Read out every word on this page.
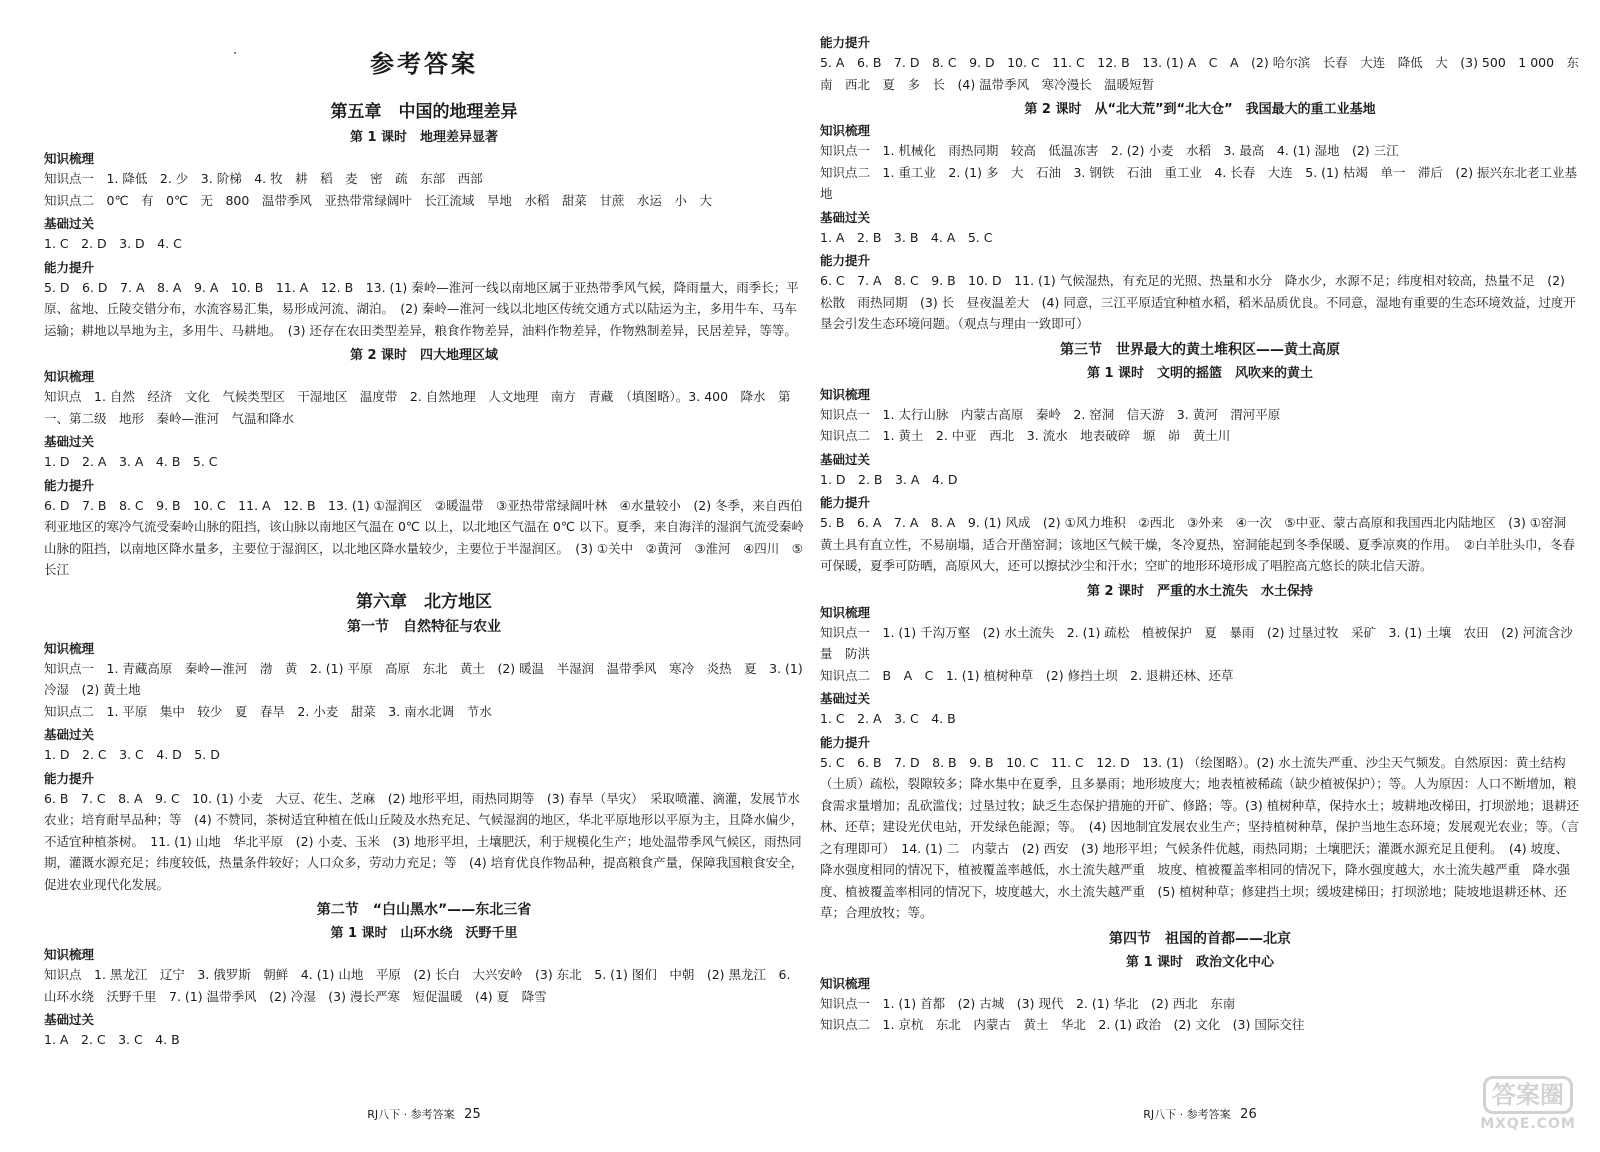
参考答案
第五章　中国的地理差异
第 1 课时　地理差异显著
知识梳理

知识点一　1. 降低　2. 少　3. 阶梯　4. 牧　耕　稻　麦　密　疏　东部　西部

知识点二　0℃　有　0℃　无　800　温带季风　亚热带常绿阔叶　长江流域　旱地　水稻　甜菜　甘蔗　水运　小　大

基础过关

1. C　2. D　3. D　4. C

能力提升

5. D　6. D　7. A　8. A　9. A　10. B　11. A　12. B　13. (1) 秦岭—淮河一线以南地区属于亚热带季风气候，降雨量大，雨季长；平原、盆地、丘陵交错分布，水流容易汇集，易形成河流、湖泊。　(2) 秦岭—淮河一线以北地区传统交通方式以陆运为主，多用牛车、马车运输；耕地以旱地为主，多用牛、马耕地。　(3) 还存在农田类型差异，粮食作物差异，油料作物差异，作物熟制差异，民居差异，等等。

第 2 课时　四大地理区域
知识梳理

知识点　1. 自然　经济　文化　气候类型区　干湿地区　温度带　2. 自然地理　人文地理　南方　青藏　（填图略）。3. 400　降水　第一、第二级　地形　秦岭—淮河　气温和降水

基础过关

1. D　2. A　3. A　4. B　5. C

能力提升

6. D　7. B　8. C　9. B　10. C　11. A　12. B　13. (1) ①湿润区　②暖温带　③亚热带常绿阔叶林　④水量较小　(2) 冬季，来自西伯利亚地区的寒冷气流受秦岭山脉的阻挡，该山脉以南地区气温在 0℃ 以上，以北地区气温在 0℃ 以下。夏季，来自海洋的湿润气流受秦岭山脉的阻挡，以南地区降水量多，主要位于湿润区，以北地区降水量较少，主要位于半湿润区。　(3) ①关中　②黄河　③淮河　④四川　⑤长江

第六章　北方地区
第一节　自然特征与农业
知识梳理

知识点一　1. 青藏高原　秦岭—淮河　渤　黄　2. (1) 平原　高原　东北　黄土　(2) 暖温　半湿润　温带季风　寒冷　炎热　夏　3. (1) 冷湿　(2) 黄土地

知识点二　1. 平原　集中　较少　夏　春旱　2. 小麦　甜菜　3. 南水北调　节水

基础过关

1. D　2. C　3. C　4. D　5. D

能力提升

6. B　7. C　8. A　9. C　10. (1) 小麦　大豆、花生、芝麻　(2) 地形平坦，雨热同期等　(3) 春旱（旱灾）　采取喷灌、滴灌，发展节水农业；培育耐旱品种；等　(4) 不赞同，茶树适宜种植在低山丘陵及水热充足、气候湿润的地区，华北平原地形以平原为主，且降水偏少，不适宜种植茶树。　11. (1) 山地　华北平原　(2) 小麦、玉米　(3) 地形平坦，土壤肥沃，利于规模化生产；地处温带季风气候区，雨热同期，灌溉水源充足；纬度较低，热量条件较好；人口众多，劳动力充足；等　(4) 培育优良作物品种，提高粮食产量，保障我国粮食安全，促进农业现代化发展。

第二节　“白山黑水”——东北三省
第 1 课时　山环水绕　沃野千里
知识梳理

知识点　1. 黑龙江　辽宁　3. 俄罗斯　朝鲜　4. (1) 山地　平原　(2) 长白　大兴安岭　(3) 东北　5. (1) 图们　中朝　(2) 黑龙江　6. 山环水绕　沃野千里　7. (1) 温带季风　(2) 冷湿　(3) 漫长严寒　短促温暖　(4) 夏　降雪

基础过关

1. A　2. C　3. C　4. B

RJ八下 · 参考答案 25
能力提升

5. A　6. B　7. D　8. C　9. D　10. C　11. C　12. B　13. (1) A　C　A　(2) 哈尔滨　长春　大连　降低　大　(3) 500　1 000　东南　西北　夏　多　长　(4) 温带季风　寒冷漫长　温暖短暂

第 2 课时　从“北大荒”到“北大仓”　我国最大的重工业基地
知识梳理

知识点一　1. 机械化　雨热同期　较高　低温冻害　2. (2) 小麦　水稻　3. 最高　4. (1) 湿地　(2) 三江

知识点二　1. 重工业　2. (1) 多　大　石油　3. 钢铁　石油　重工业　4. 长春　大连　5. (1) 枯竭　单一　滞后　(2) 振兴东北老工业基地

基础过关

1. A　2. B　3. B　4. A　5. C

能力提升

6. C　7. A　8. C　9. B　10. D　11. (1) 气候湿热，有充足的光照、热量和水分　降水少，水源不足；纬度相对较高，热量不足　(2) 松散　雨热同期　(3) 长　昼夜温差大　(4) 同意，三江平原适宜种植水稻，稻米品质优良。不同意，湿地有重要的生态环境效益，过度开垦会引发生态环境问题。（观点与理由一致即可）

第三节　世界最大的黄土堆积区——黄土高原
第 1 课时　文明的摇篮　风吹来的黄土
知识梳理

知识点一　1. 太行山脉　内蒙古高原　秦岭　2. 窑洞　信天游　3. 黄河　渭河平原

知识点二　1. 黄土　2. 中亚　西北　3. 流水　地表破碎　塬　峁　黄土川

基础过关

1. D　2. B　3. A　4. D

能力提升

5. B　6. A　7. A　8. A　9. (1) 风成　(2) ①风力堆积　②西北　③外来　④一次　⑤中亚、蒙古高原和我国西北内陆地区　(3) ①窑洞　黄土具有直立性，不易崩塌，适合开凿窑洞；该地区气候干燥，冬冷夏热，窑洞能起到冬季保暖、夏季凉爽的作用。　②白羊肚头巾，冬春可保暖，夏季可防晒，高原风大，还可以擦拭沙尘和汗水；空旷的地形环境形成了唱腔高亢悠长的陕北信天游。

第 2 课时　严重的水土流失　水土保持
知识梳理

知识点一　1. (1) 千沟万壑　(2) 水土流失　2. (1) 疏松　植被保护　夏　暴雨　(2) 过垦过牧　采矿　3. (1) 土壤　农田　(2) 河流含沙量　防洪

知识点二　B　A　C　1. (1) 植树种草　(2) 修挡土坝　2. 退耕还林、还草

基础过关

1. C　2. A　3. C　4. B

能力提升

5. C　6. B　7. D　8. B　9. B　10. C　11. C　12. D　13. (1) （绘图略）。(2) 水土流失严重、沙尘天气频发。自然原因：黄土结构（土质）疏松，裂隙较多；降水集中在夏季，且多暴雨；地形坡度大；地表植被稀疏（缺少植被保护）；等。人为原因：人口不断增加，粮食需求量增加；乱砍滥伐；过垦过牧；缺乏生态保护措施的开矿、修路；等。(3) 植树种草，保持水土；坡耕地改梯田，打坝淤地；退耕还林、还草；建设光伏电站，开发绿色能源；等。　(4) 因地制宜发展农业生产；坚持植树种草，保护当地生态环境；发展观光农业；等。（言之有理即可）　14. (1) 二　内蒙古　(2) 西安　(3) 地形平坦；气候条件优越，雨热同期；土壤肥沃；灌溉水源充足且便利。　(4) 坡度、降水强度相同的情况下，植被覆盖率越低，水土流失越严重　坡度、植被覆盖率相同的情况下，降水强度越大，水土流失越严重　降水强度、植被覆盖率相同的情况下，坡度越大，水土流失越严重　(5) 植树种草；修建挡土坝；缓坡建梯田；打坝淤地；陡坡地退耕还林、还草；合理放牧；等。

第四节　祖国的首都——北京
第 1 课时　政治文化中心
知识梳理

知识点一　1. (1) 首都　(2) 古城　(3) 现代　2. (1) 华北　(2) 西北　东南

知识点二　1. 京杭　东北　内蒙古　黄土　华北　2. (1) 政治　(2) 文化　(3) 国际交往

RJ八下 · 参考答案 26
答案圈
MXQE.COM
